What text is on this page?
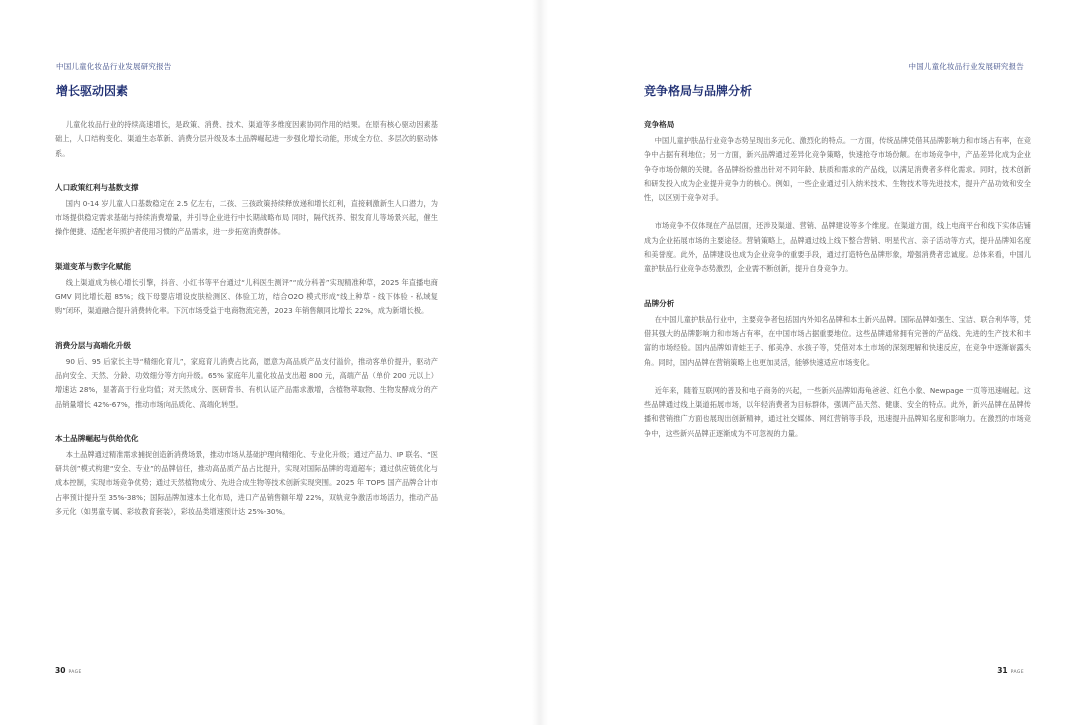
中国儿童化妆品行业发展研究报告
增长驱动因素

儿童化妆品行业的持续高速增长，是政策、消费、技术、渠道等多维度因素协同作用的结果。在原有核心驱动因素基础上，人口结构变化、渠道生态革新、消费分层升级及本土品牌崛起进一步强化增长动能，形成全方位、多层次的驱动体系。

人口政策红利与基数支撑

国内 0-14 岁儿童人口基数稳定在 2.5 亿左右，二孩、三孩政策持续释放递和增长红利，直接刺激新生人口潜力，为市场提供稳定需求基础与持续消费增量，并引导企业进行中长期战略布局 同时，隔代抚养、银发育儿等场景兴起，催生操作便捷、适配老年照护者使用习惯的产品需求，进一步拓宽消费群体。

渠道变革与数字化赋能

线上渠道成为核心增长引擎，抖音、小红书等平台通过“儿科医生测评”“成分科普”实现精准种草，2025 年直播电商 GMV 同比增长超 85%；线下母婴店增设皮肤检测区、体验工坊，结合O2O 模式形成“线上种草 - 线下体验 - 私域复购”闭环，渠道融合提升消费转化率。下沉市场受益于电商物流完善，2023 年销售额同比增长 22%，成为新增长极。

消费分层与高端化升级

90 后、95 后家长主导“精细化育儿”，家庭育儿消费占比高，愿意为高品质产品支付溢价，推动客单价提升，驱动产品向安全、天然、分龄、功效细分等方向升级。65% 家庭年儿童化妆品支出超 800 元，高端产品（单价 200 元以上）增速达 28%，显著高于行业均值；对天然成分、医研背书、有机认证产品需求激增，含植物萃取物、生物发酵成分的产品销量增长 42%-67%，推动市场向品质化、高端化转型。

本土品牌崛起与供给优化

本土品牌通过精准需求捕捉创造新消费场景，推动市场从基础护理向精细化、专业化升级；通过产品力、IP 联名、“医研共创”模式构建“安全、专业”的品牌信任，推动高品质产品占比提升，实现对国际品牌的弯道超车；通过供应链优化与成本控制，实现市场竞争优势；通过天然植物成分、先进合成生物等技术创新实现突围。2025 年 TOP5 国产品牌合计市占率预计提升至 35%-38%；国际品牌加速本土化布局，进口产品销售额年增 22%，双轨竞争激活市场活力，推动产品多元化（如男童专属、彩妆教育套装），彩妆品类增速预计达 25%-30%。

30 PAGE
中国儿童化妆品行业发展研究报告
竞争格局与品牌分析
竞争格局

中国儿童护肤品行业竞争态势呈现出多元化、激烈化的特点。一方面，传统品牌凭借其品牌影响力和市场占有率，在竞争中占据有利地位；另一方面，新兴品牌通过差异化竞争策略，快速抢夺市场份额。在市场竞争中，产品差异化成为企业争夺市场份额的关键。各品牌纷纷推出针对不同年龄、肤质和需求的产品线，以满足消费者多样化需求。同时，技术创新和研发投入成为企业提升竞争力的核心。例如，一些企业通过引入纳米技术、生物技术等先进技术，提升产品功效和安全性，以区别于竞争对手。

市场竞争不仅体现在产品层面，还涉及渠道、营销、品牌建设等多个维度。在渠道方面，线上电商平台和线下实体店铺成为企业拓展市场的主要途径。营销策略上，品牌通过线上线下整合营销、明星代言、亲子活动等方式，提升品牌知名度和美誉度。此外，品牌建设也成为企业竞争的重要手段，通过打造特色品牌形象，增强消费者忠诚度。总体来看，中国儿童护肤品行业竞争态势激烈，企业需不断创新，提升自身竞争力。

品牌分析

在中国儿童护肤品行业中，主要竞争者包括国内外知名品牌和本土新兴品牌。国际品牌如强生、宝洁、联合利华等，凭借其强大的品牌影响力和市场占有率，在中国市场占据重要地位。这些品牌通常拥有完善的产品线、先进的生产技术和丰富的市场经验。国内品牌如青蛙王子、郁美净、水孩子等，凭借对本土市场的深刻理解和快速反应，在竞争中逐渐崭露头角。同时，国内品牌在营销策略上也更加灵活，能够快速适应市场变化。

近年来，随着互联网的普及和电子商务的兴起，一些新兴品牌如海龟爸爸、红色小象、Newpage 一页等迅速崛起。这些品牌通过线上渠道拓展市场，以年轻消费者为目标群体，强调产品天然、健康、安全的特点。此外，新兴品牌在品牌传播和营销推广方面也展现出创新精神，通过社交媒体、网红营销等手段，迅速提升品牌知名度和影响力。在激烈的市场竞争中，这些新兴品牌正逐渐成为不可忽视的力量。

31 PAGE
